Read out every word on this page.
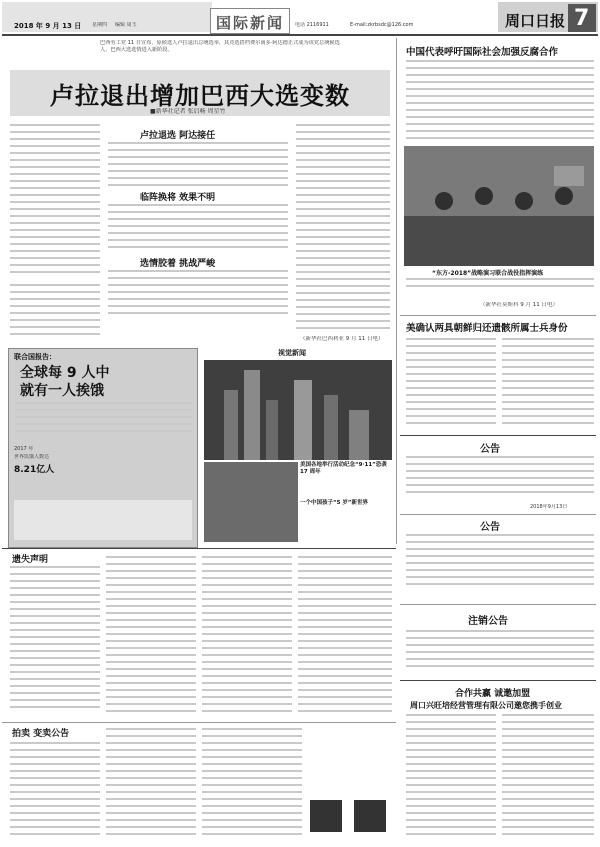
2018 年 9 月 13 日 星期四 编辑 周玉	国际新闻 电话 2116911	E-mail:zkrbsdc@126.com	周口日报 7
巴西劳工党 11 日宣布，原候选人卢拉退出总统选举，其竞选搭档费尔南多·阿达德正式成为该党总统候选人，巴西大选选情进入新阶段。
卢拉退出增加巴西大选变数
■新华社记者 张启畅 周星竹
卢拉退选 阿达接任
临阵换将 效果不明
选情胶着 挑战严峻
（新华社巴西利亚 9 月 11 日电）
中国代表呼吁国际社会加强反腐合作
“东方-2018”战略演习联合战役指挥演练
（新华社莫斯科 9 月 11 日电）
美确认两具朝鲜归还遗骸所属士兵身份
公告
2018年9月13日
公告
注销公告
合作共赢 诚邀加盟
周口兴旺培经营管理有限公司邀您携手创业
联合国报告：
全球每 9 人中
就有一人挨饿
2017 年
世界饥饿人数达
8.21亿人
视觉新闻
美国各地举行活动纪念“9·11”恐袭 17 周年
一个中国孩子“5 岁”新世界
遗失声明
拍卖 变卖公告
